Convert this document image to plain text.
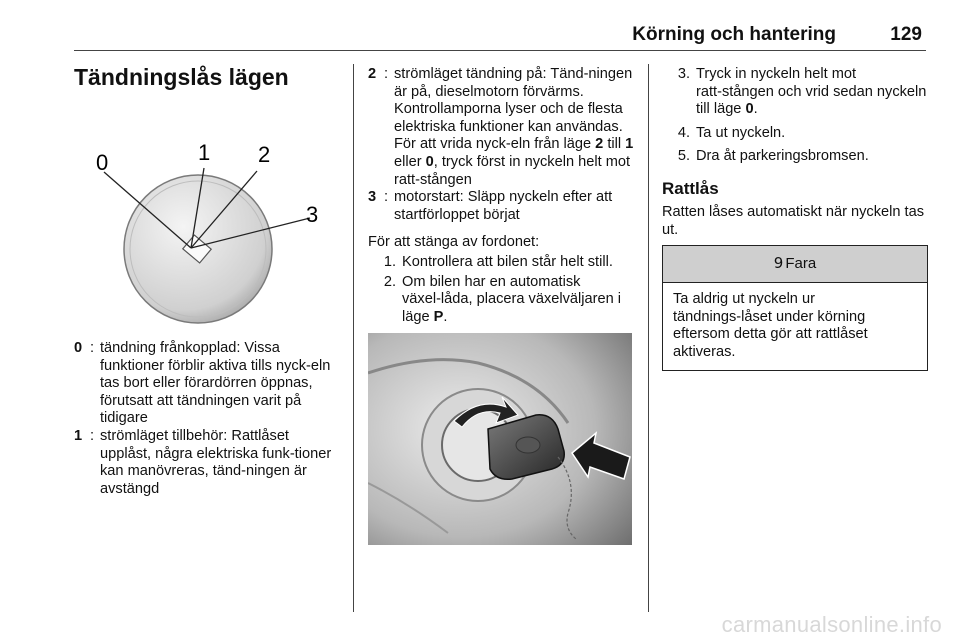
Körning och hantering	129
Tändningslås lägen
0	1 2
3
0 : tändning frånkopplad: Vissa funktioner förblir aktiva tills nyck‑eln tas bort eller förardörren öppnas, förutsatt att tändningen varit på tidigare
1 : strömläget tillbehör: Rattlåset upplåst, några elektriska funk‑tioner kan manövreras, tänd‑ningen är avstängd
2 : strömläget tändning på: Tänd‑ningen är på, dieselmotorn förvärms. Kontrollamporna lyser och de flesta elektriska funktioner kan användas. För att vrida nyck‑eln från läge 2 till 1 eller 0, tryck först in nyckeln helt mot ratt‑stången
3 : motorstart: Släpp nyckeln efter att startförloppet börjat

För att stänga av fordonet:

1. Kontrollera att bilen står helt still.
2. Om bilen har en automatisk växel‑låda, placera växelväljaren i läge P.
3. Tryck in nyckeln helt mot ratt‑stången och vrid sedan nyckeln till läge 0.
4. Ta ut nyckeln.
5. Dra åt parkeringsbromsen.
Rattlås

Ratten låses automatiskt när nyckeln tas ut.

9 Fara
Ta aldrig ut nyckeln ur tändnings‑låset under körning eftersom detta gör att rattlåset aktiveras.
carmanualsonline.info
